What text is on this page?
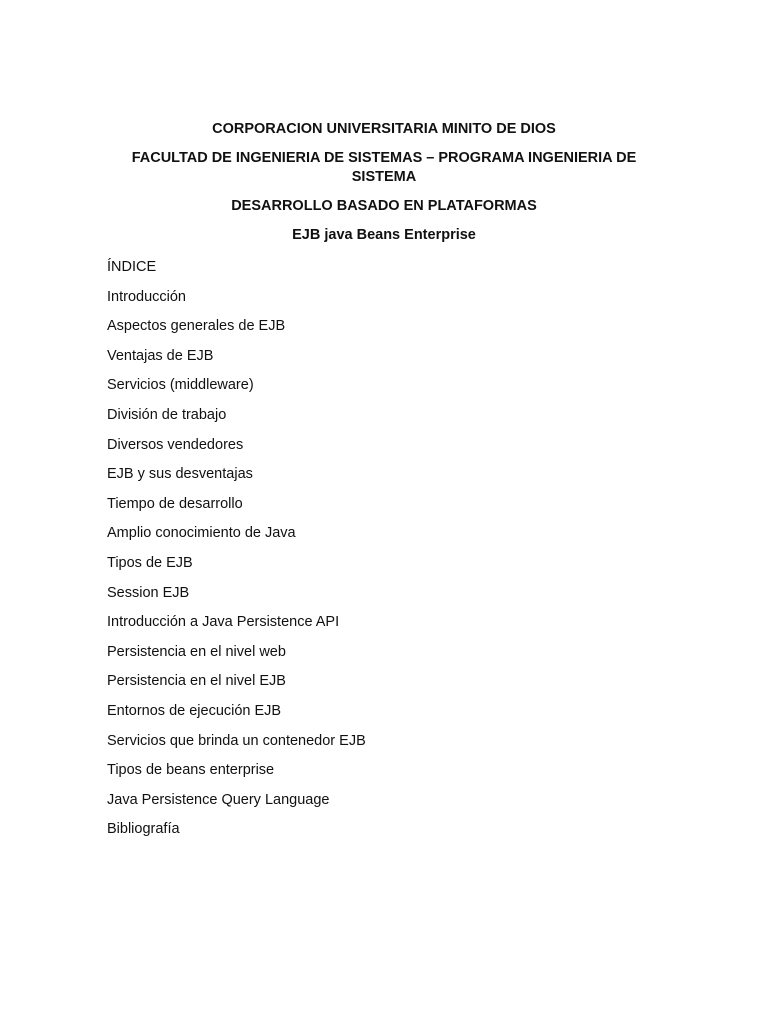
CORPORACION UNIVERSITARIA MINITO DE DIOS
FACULTAD DE INGENIERIA DE SISTEMAS – PROGRAMA INGENIERIA DE SISTEMA
DESARROLLO BASADO EN PLATAFORMAS
EJB java Beans Enterprise
ÍNDICE
Introducción
Aspectos generales de EJB
Ventajas de EJB
Servicios (middleware)
División de trabajo
Diversos vendedores
EJB y sus desventajas
Tiempo de desarrollo
Amplio conocimiento de Java
Tipos de EJB
Session EJB
Introducción a Java Persistence API
Persistencia en el nivel web
Persistencia en el nivel EJB
Entornos de ejecución EJB
Servicios que brinda un contenedor EJB
Tipos de beans enterprise
Java Persistence Query Language
Bibliografía
